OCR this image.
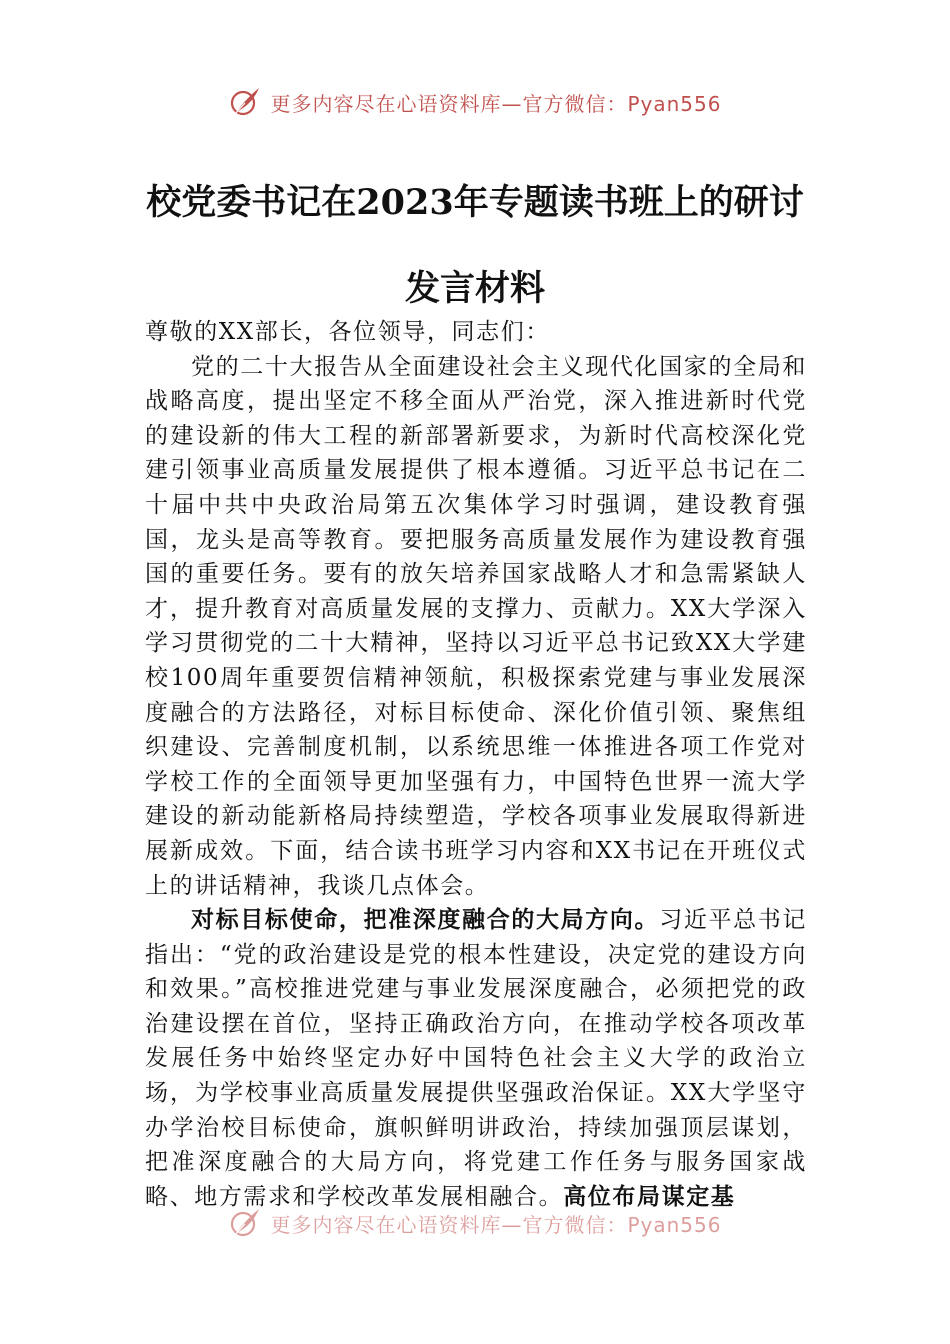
更多内容尽在心语资料库—官方微信：Pyan556
校党委书记在2023年专题读书班上的研讨
发言材料

尊敬的XX部长，各位领导，同志们：

党的二十大报告从全面建设社会主义现代化国家的全局和战略高度，提出坚定不移全面从严治党，深入推进新时代党的建设新的伟大工程的新部署新要求，为新时代高校深化党建引领事业高质量发展提供了根本遵循。习近平总书记在二十届中共中央政治局第五次集体学习时强调，建设教育强国，龙头是高等教育。要把服务高质量发展作为建设教育强国的重要任务。要有的放矢培养国家战略人才和急需紧缺人才，提升教育对高质量发展的支撑力、贡献力。XX大学深入学习贯彻党的二十大精神，坚持以习近平总书记致XX大学建校100周年重要贺信精神领航，积极探索党建与事业发展深度融合的方法路径，对标目标使命、深化价值引领、聚焦组织建设、完善制度机制，以系统思维一体推进各项工作党对学校工作的全面领导更加坚强有力，中国特色世界一流大学建设的新动能新格局持续塑造，学校各项事业发展取得新进展新成效。下面，结合读书班学习内容和XX书记在开班仪式上的讲话精神，我谈几点体会。

对标目标使命，把准深度融合的大局方向。习近平总书记指出：“党的政治建设是党的根本性建设，决定党的建设方向和效果。”高校推进党建与事业发展深度融合，必须把党的政治建设摆在首位，坚持正确政治方向，在推动学校各项改革发展任务中始终坚定办好中国特色社会主义大学的政治立场，为学校事业高质量发展提供坚强政治保证。XX大学坚守办学治校目标使命，旗帜鲜明讲政治，持续加强顶层谋划，把准深度融合的大局方向，将党建工作任务与服务国家战略、地方需求和学校改革发展相融合。高位布局谋定基

更多内容尽在心语资料库—官方微信：Pyan556
